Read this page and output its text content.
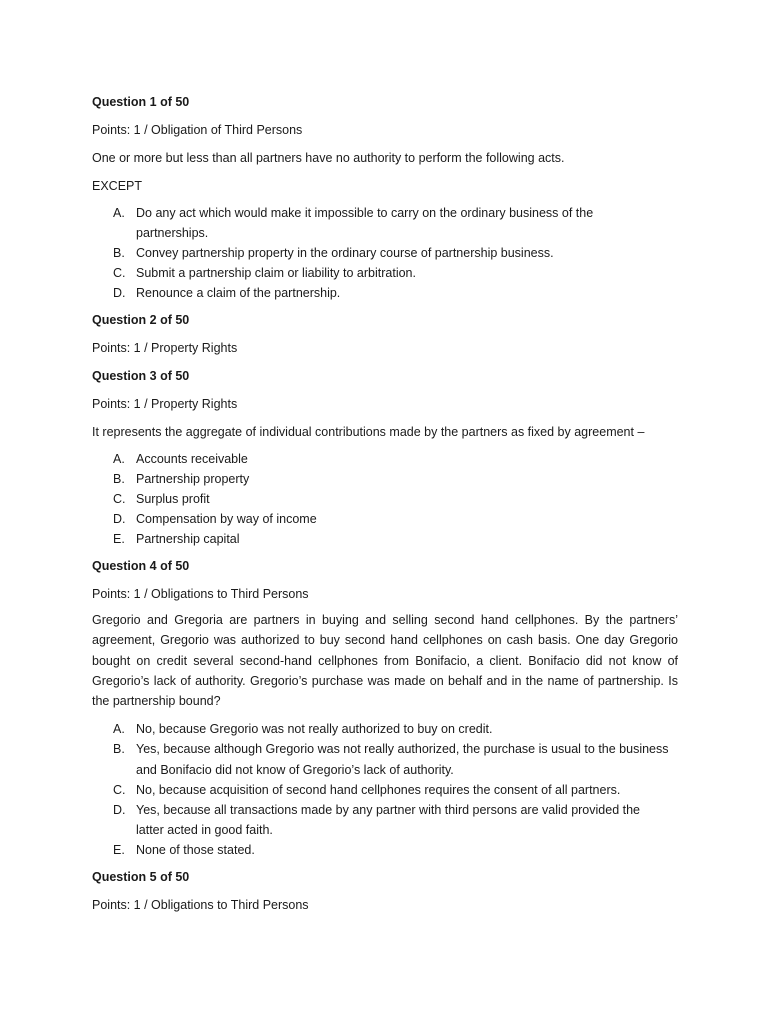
Question 1 of 50
Points: 1 / Obligation of Third Persons
One or more but less than all partners have no authority to perform the following acts.
EXCEPT
A. Do any act which would make it impossible to carry on the ordinary business of the
partnerships.
B. Convey partnership property in the ordinary course of partnership business.
C. Submit a partnership claim or liability to arbitration.
D. Renounce a claim of the partnership.
Question 2 of 50
Points: 1 / Property Rights
Question 3 of 50
Points: 1 / Property Rights
It represents the aggregate of individual contributions made by the partners as fixed by agreement –
A. Accounts receivable
B. Partnership property
C. Surplus profit
D. Compensation by way of income
E. Partnership capital
Question 4 of 50
Points: 1 / Obligations to Third Persons
Gregorio and Gregoria are partners in buying and selling second hand cellphones. By the partners’ agreement, Gregorio was authorized to buy second hand cellphones on cash basis. One day Gregorio bought on credit several second-hand cellphones from Bonifacio, a client. Bonifacio did not know of Gregorio’s lack of authority. Gregorio’s purchase was made on behalf and in the name of partnership. Is the partnership bound?
A. No, because Gregorio was not really authorized to buy on credit.
B. Yes, because although Gregorio was not really authorized, the purchase is usual to the business
and Bonifacio did not know of Gregorio’s lack of authority.
C. No, because acquisition of second hand cellphones requires the consent of all partners.
D. Yes, because all transactions made by any partner with third persons are valid provided the
latter acted in good faith.
E. None of those stated.
Question 5 of 50
Points: 1 / Obligations to Third Persons
